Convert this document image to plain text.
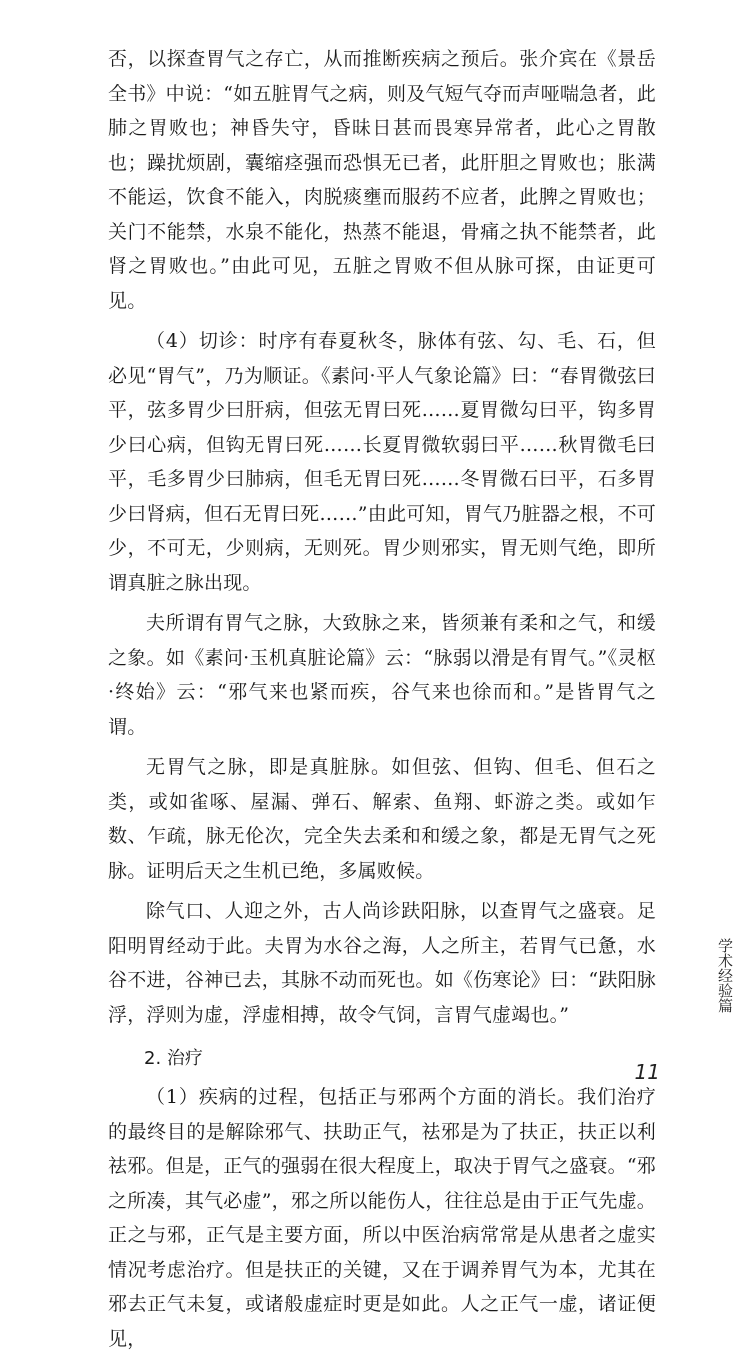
否，以探查胃气之存亡，从而推断疾病之预后。张介宾在《景岳全书》中说：“如五脏胃气之病，则及气短气夺而声哑喘急者，此肺之胃败也；神昏失守，昏昧日甚而畏寒异常者，此心之胃散也；躁扰烦剧，囊缩痉强而恐惧无已者，此肝胆之胃败也；胀满不能运，饮食不能入，肉脱痰壅而服药不应者，此脾之胃败也；关门不能禁，水泉不能化，热蒸不能退，骨痛之执不能禁者，此肾之胃败也。”由此可见，五脏之胃败不但从脉可探，由证更可见。

（4）切诊：时序有春夏秋冬，脉体有弦、勾、毛、石，但必见“胃气”，乃为顺证。《素问·平人气象论篇》曰：“春胃微弦曰平，弦多胃少曰肝病，但弦无胃曰死……夏胃微勾曰平，钩多胃少曰心病，但钩无胃曰死……长夏胃微软弱曰平……秋胃微毛曰平，毛多胃少曰肺病，但毛无胃曰死……冬胃微石曰平，石多胃少曰肾病，但石无胃曰死……”由此可知，胃气乃脏器之根，不可少，不可无，少则病，无则死。胃少则邪实，胃无则气绝，即所谓真脏之脉出现。

夫所谓有胃气之脉，大致脉之来，皆须兼有柔和之气，和缓之象。如《素问·玉机真脏论篇》云：“脉弱以滑是有胃气。”《灵枢·终始》云：“邪气来也紧而疾，谷气来也徐而和。”是皆胃气之谓。

无胃气之脉，即是真脏脉。如但弦、但钩、但毛、但石之类，或如雀啄、屋漏、弹石、解索、鱼翔、虾游之类。或如乍数、乍疏，脉无伦次，完全失去柔和和缓之象，都是无胃气之死脉。证明后天之生机已绝，多属败候。

除气口、人迎之外，古人尚诊趺阳脉，以查胃气之盛衰。足阳明胃经动于此。夫胃为水谷之海，人之所主，若胃气已惫，水谷不进，谷神已去，其脉不动而死也。如《伤寒论》曰：“趺阳脉浮，浮则为虚，浮虚相搏，故令气饲，言胃气虚竭也。”

2. 治疗

（1）疾病的过程，包括正与邪两个方面的消长。我们治疗的最终目的是解除邪气、扶助正气，祛邪是为了扶正，扶正以利祛邪。但是，正气的强弱在很大程度上，取决于胃气之盛衰。“邪之所凑，其气必虚”，邪之所以能伤人，往往总是由于正气先虚。正之与邪，正气是主要方面，所以中医治病常常是从患者之虚实情况考虑治疗。但是扶正的关键，又在于调养胃气为本，尤其在邪去正气未复，或诸般虚症时更是如此。人之正气一虚，诸证便见，

学术经验篇
11
